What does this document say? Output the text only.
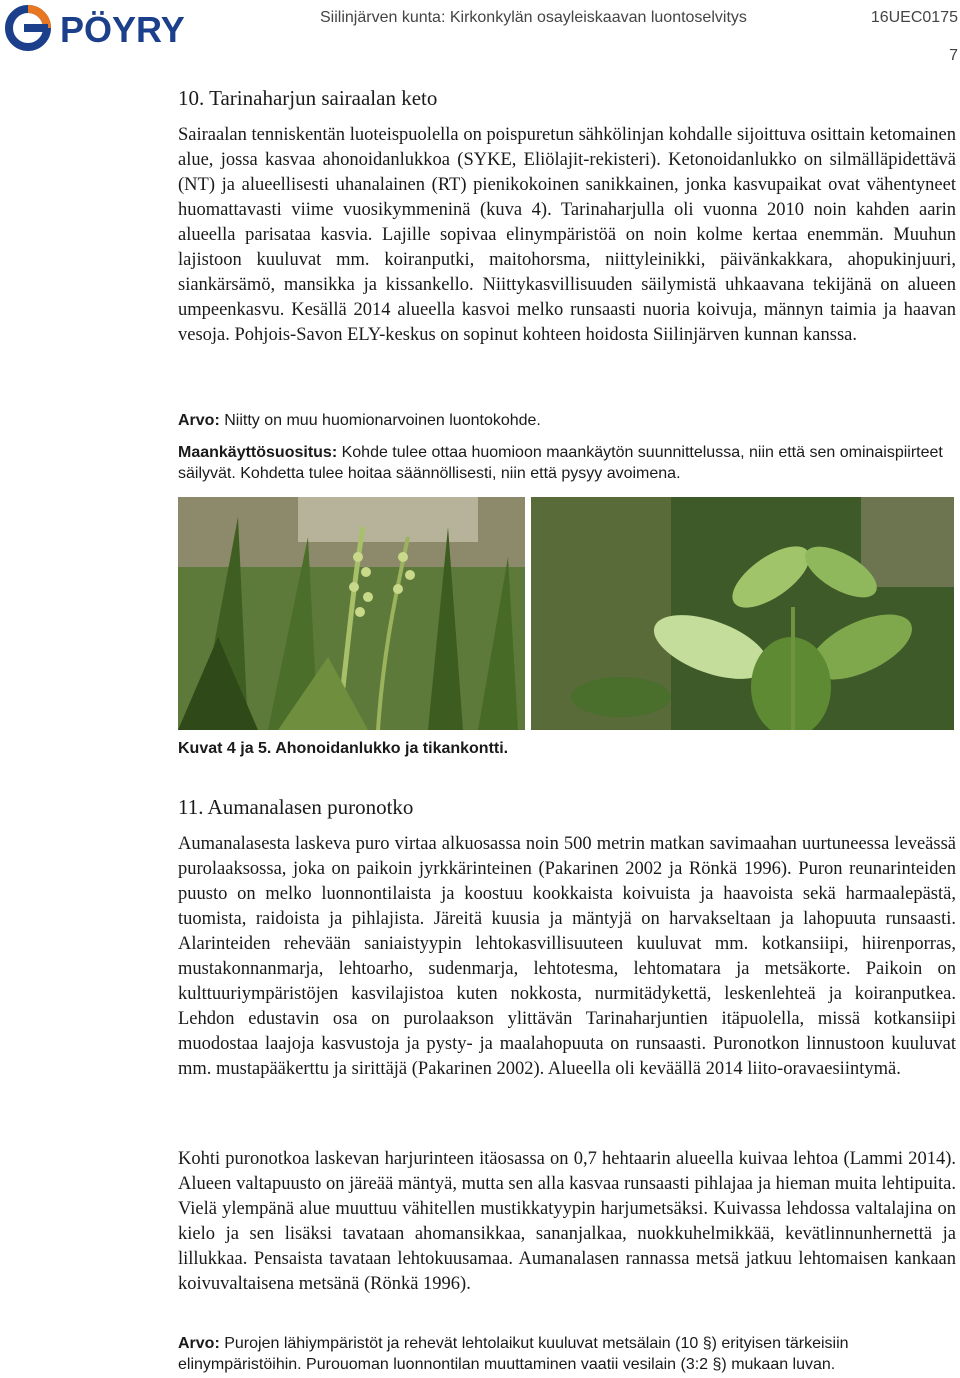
PÖYRY	Siilinjärven kunta: Kirkonkylän osayleiskaavan luontoselvitys	16UEC0175
7
10. Tarinaharjun sairaalan keto

Sairaalan tenniskentän luoteispuolella on poispuretun sähkölinjan kohdalle sijoittuva osittain ketomainen alue, jossa kasvaa ahonoidanlukkoa (SYKE, Eliölajit-rekisteri). Ketonoidanlukko on silmälläpidettävä (NT) ja alueellisesti uhanalainen (RT) pienikokoinen sanikkainen, jonka kasvupaikat ovat vähentyneet huomattavasti viime vuosikymmeninä (kuva 4). Tarinaharjulla oli vuonna 2010 noin kahden aarin alueella parisataa kasvia. Lajille sopivaa elinympäristöä on noin kolme kertaa enemmän. Muuhun lajistoon kuuluvat mm. koiranputki, maitohorsma, niittyleinikki, päivänkakkara, ahopukinjuuri, siankärsämö, mansikka ja kissankello. Niittykasvillisuuden säilymistä uhkaavana tekijänä on alueen umpeenkasvu. Kesällä 2014 alueella kasvoi melko runsaasti nuoria koivuja, männyn taimia ja haavan vesoja. Pohjois-Savon ELY-keskus on sopinut kohteen hoidosta Siilinjärven kunnan kanssa.

Arvo: Niitty on muu huomionarvoinen luontokohde.

Maankäyttösuositus: Kohde tulee ottaa huomioon maankäytön suunnittelussa, niin että sen ominaispiirteet säilyvät. Kohdetta tulee hoitaa säännöllisesti, niin että pysyy avoimena.

Kuvat 4 ja 5. Ahonoidanlukko ja tikankontti.
11. Aumanalasen puronotko

Aumanalasesta laskeva puro virtaa alkuosassa noin 500 metrin matkan savimaahan uurtuneessa leveässä purolaaksossa, joka on paikoin jyrkkärinteinen (Pakarinen 2002 ja Rönkä 1996). Puron reunarinteiden puusto on melko luonnontilaista ja koostuu kookkaista koivuista ja haavoista sekä harmaalepästä, tuomista, raidoista ja pihlajista. Järeitä kuusia ja mäntyjä on harvakseltaan ja lahopuuta runsaasti. Alarinteiden rehevään saniaistyypin lehtokasvillisuuteen kuuluvat mm. kotkansiipi, hiirenporras, mustakonnanmarja, lehtoarho, sudenmarja, lehtotesma, lehtomatara ja metsäkorte. Paikoin on kulttuuriympäristöjen kasvilajistoa kuten nokkosta, nurmitädykettä, leskenlehteä ja koiranputkea. Lehdon edustavin osa on purolaakson ylittävän Tarinaharjuntien itäpuolella, missä kotkansiipi muodostaa laajoja kasvustoja ja pysty- ja maalahopuuta on runsaasti. Puronotkon linnustoon kuuluvat mm. mustapääkerttu ja sirittäjä (Pakarinen 2002). Alueella oli keväällä 2014 liito-oravaesiintymä.

Kohti puronotkoa laskevan harjurinteen itäosassa on 0,7 hehtaarin alueella kuivaa lehtoa (Lammi 2014). Alueen valtapuusto on järeää mäntyä, mutta sen alla kasvaa runsaasti pihlajaa ja hieman muita lehtipuita. Vielä ylempänä alue muuttuu vähitellen mustikkatyypin harjumetsäksi. Kuivassa lehdossa valtalajina on kielo ja sen lisäksi tavataan ahomansikkaa, sananjalkaa, nuokkuhelmikkää, kevätlinnunhernettä ja lillukkaa. Pensaista tavataan lehtokuusamaa. Aumanalasen rannassa metsä jatkuu lehtomaisen kankaan koivuvaltaisena metsänä (Rönkä 1996).

Arvo: Purojen lähiympäristöt ja rehevät lehtolaikut kuuluvat metsälain (10 §) erityisen tärkeisiin elinympäristöihin. Purouoman luonnontilan muuttaminen vaatii vesilain (3:2 §) mukaan luvan.
